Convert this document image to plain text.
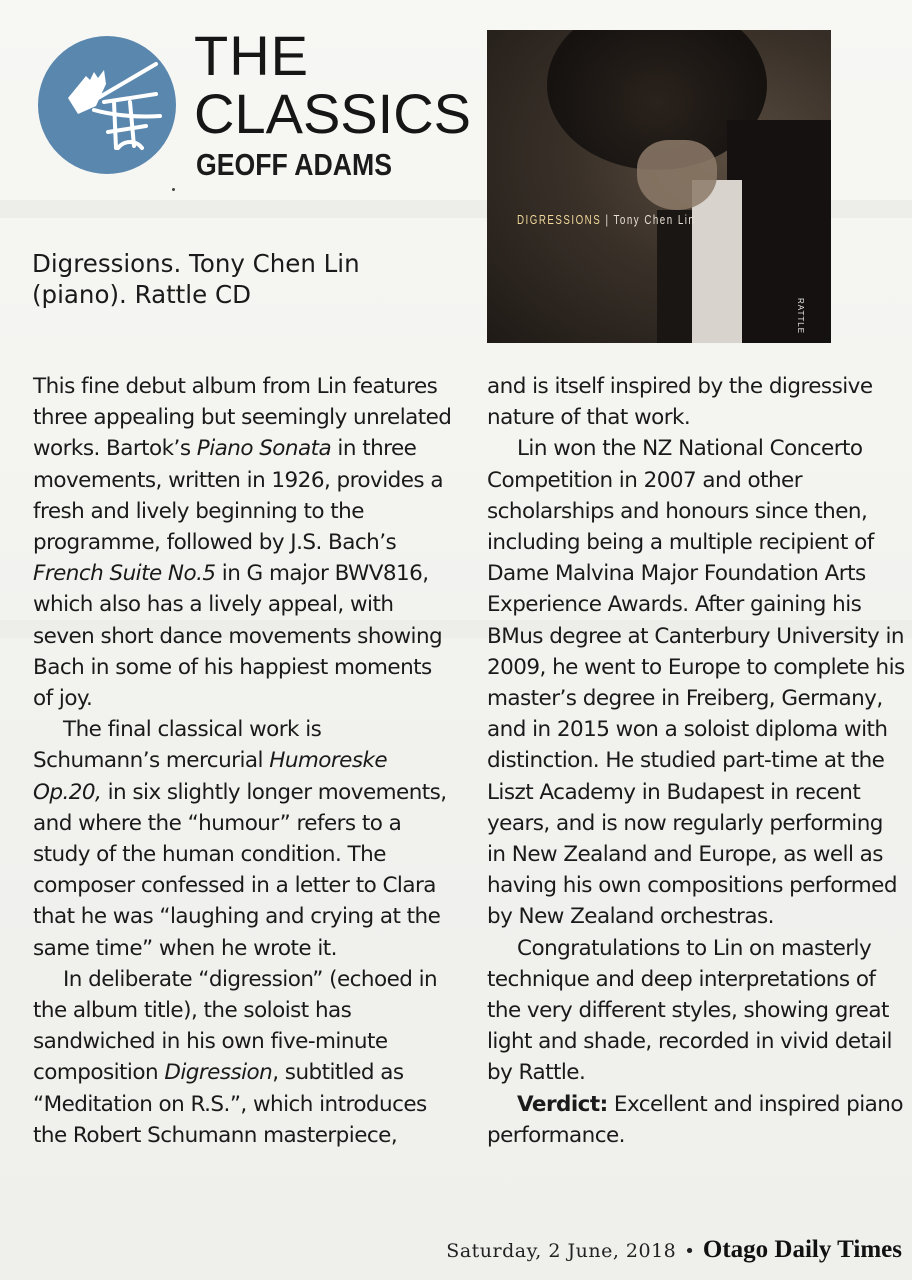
THE
CLASSICS
GEOFF ADAMS
Digressions. Tony Chen Lin (piano). Rattle CD
DIGRESSIONS | Tony Chen Lin
RATTLE

This fine debut album from Lin features three appealing but seemingly unrelated works. Bartok’s Piano Sonata in three movements, written in 1926, provides a fresh and lively beginning to the programme, followed by J.S. Bach’s French Suite No.5 in G major BWV816, which also has a lively appeal, with seven short dance movements showing Bach in some of his happiest moments of joy.

The final classical work is Schumann’s mercurial Humoreske Op.20, in six slightly longer movements, and where the “humour” refers to a study of the human condition. The composer confessed in a letter to Clara that he was “laughing and crying at the same time” when he wrote it.

In deliberate “digression” (echoed in the album title), the soloist has sandwiched in his own five-minute composition Digression, subtitled as “Meditation on R.S.”, which introduces the Robert Schumann masterpiece,

and is itself inspired by the digressive nature of that work.

Lin won the NZ National Concerto Competition in 2007 and other scholarships and honours since then, including being a multiple recipient of Dame Malvina Major Foundation Arts Experience Awards. After gaining his BMus degree at Canterbury University in 2009, he went to Europe to complete his master’s degree in Freiberg, Germany, and in 2015 won a soloist diploma with distinction. He studied part-time at the Liszt Academy in Budapest in recent years, and is now regularly performing in New Zealand and Europe, as well as having his own compositions performed by New Zealand orchestras.

Congratulations to Lin on masterly technique and deep interpretations of the very different styles, showing great light and shade, recorded in vivid detail by Rattle.

Verdict: Excellent and inspired piano performance.

Saturday, 2 June, 2018 • Otago Daily Times
